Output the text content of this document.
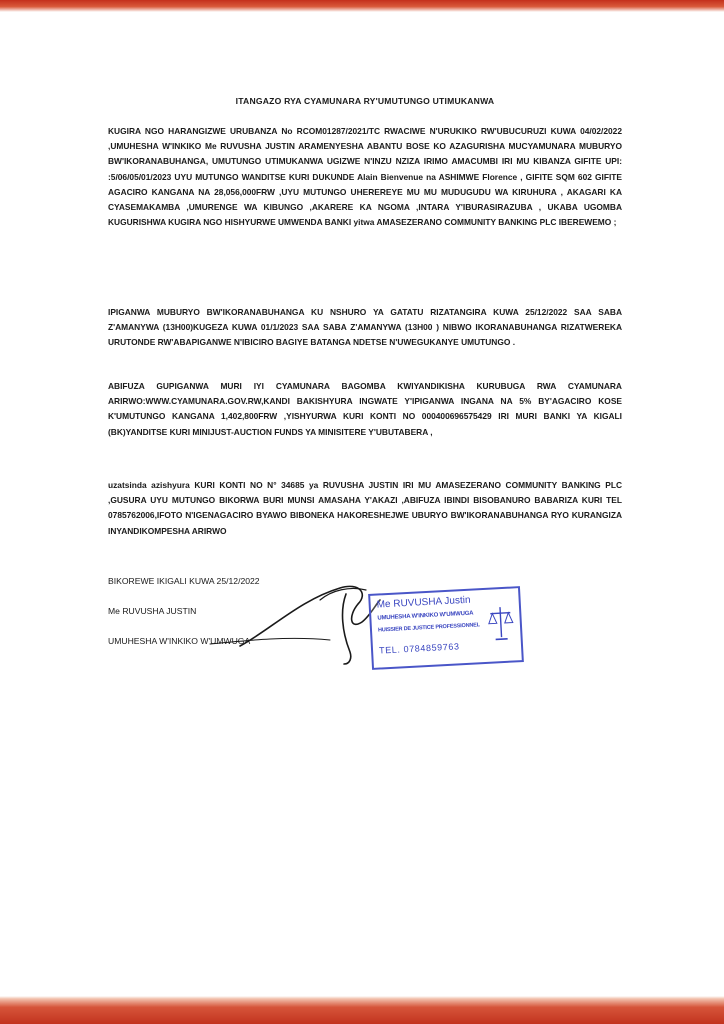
ITANGAZO RYA CYAMUNARA RY'UMUTUNGO UTIMUKANWA
KUGIRA NGO HARANGIZWE URUBANZA No RCOM01287/2021/TC RWACIWE N'URUKIKO RW'UBUCURUZI KUWA 04/02/2022 ,UMUHESHA W'INKIKO Me RUVUSHA JUSTIN ARAMENYESHA ABANTU BOSE KO AZAGURISHA MUCYAMUNARA MUBURYO BW'IKORANABUHANGA, UMUTUNGO UTIMUKANWA UGIZWE N'INZU NZIZA IRIMO AMACUMBI IRI MU KIBANZA GIFITE UPI: :5/06/05/01/2023 UYU MUTUNGO WANDITSE KURI DUKUNDE Alain Bienvenue na ASHIMWE Florence , GIFITE SQM 602 GIFITE AGACIRO KANGANA NA 28,056,000FRW ,UYU MUTUNGO UHEREREYE MU MU MUDUGUDU WA KIRUHURA , AKAGARI KA CYASEMAKAMBA ,UMURENGE WA KIBUNGO ,AKARERE KA NGOMA ,INTARA Y'IBURASIRAZUBA , UKABA UGOMBA KUGURISHWA KUGIRA NGO HISHYURWE UMWENDA BANKI yitwa AMASEZERANO COMMUNITY BANKING PLC IBEREWEMO ;
IPIGANWA MUBURYO BW'IKORANABUHANGA KU NSHURO YA GATATU RIZATANGIRA KUWA 25/12/2022 SAA SABA Z'AMANYWA (13H00)KUGEZA KUWA 01/1/2023 SAA SABA Z'AMANYWA (13H00 ) NIBWO IKORANABUHANGA RIZATWEREKA URUTONDE RW'ABAPIGANWE N'IBICIRO BAGIYE BATANGA NDETSE N'UWEGUKANYE UMUTUNGO .
ABIFUZA GUPIGANWA MURI IYI CYAMUNARA BAGOMBA KWIYANDIKISHA KURUBUGA RWA CYAMUNARA ARIRWO:WWW.CYAMUNARA.GOV.RW,KANDI BAKISHYURA INGWATE Y'IPIGANWA INGANA NA 5% BY'AGACIRO KOSE K'UMUTUNGO KANGANA 1,402,800FRW ,YISHYURWA KURI KONTI NO 000400696575429 IRI MURI BANKI YA KIGALI (BK)YANDITSE KURI MINIJUST-AUCTION FUNDS YA MINISITERE Y'UBUTABERA ,
uzatsinda azishyura KURI KONTI NO N° 34685 ya RUVUSHA JUSTIN IRI MU AMASEZERANO COMMUNITY BANKING PLC ,GUSURA UYU MUTUNGO BIKORWA BURI MUNSI AMASAHA Y'AKAZI ,ABIFUZA IBINDI BISOBANURO BABARIZA KURI TEL 0785762006,IFOTO N'IGENAGACIRO BYAWO BIBONEKA HAKORESHEJWE UBURYO BW'IKORANABUHANGA RYO KURANGIZA INYANDIKOMPESHA ARIRWO
BIKOREWE IKIGALI KUWA 25/12/2022
Me RUVUSHA JUSTIN
UMUHESHA W'INKIKO W'UMWUGA
Me RUVUSHA Justin
UMUHESHA W'INKIKO W'UMWUGA
HUISSIER DE JUSTICE PROFESSIONNEL
TEL. 0784859763
